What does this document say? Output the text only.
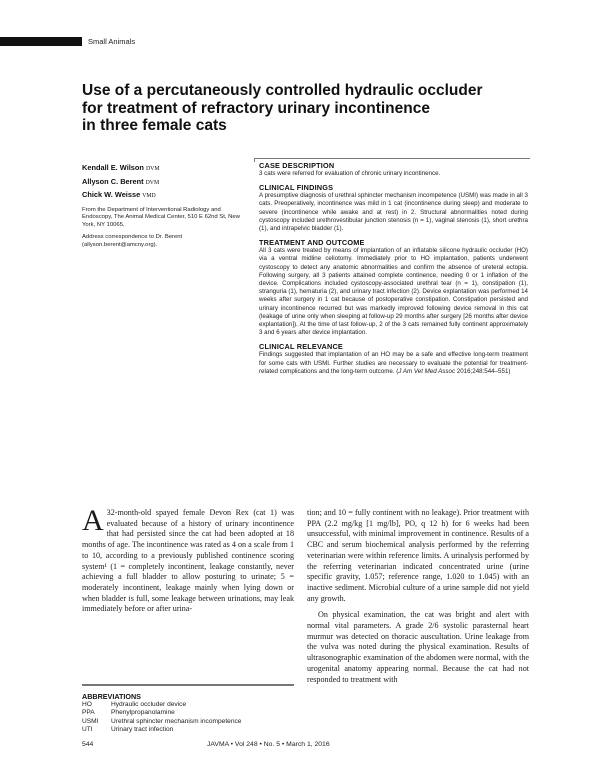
Small Animals
Use of a percutaneously controlled hydraulic occluder
for treatment of refractory urinary incontinence
in three female cats
Kendall E. Wilson DVM
Allyson C. Berent DVM
Chick W. Weisse VMD
From the Department of Interventional Radiology and Endoscopy, The Animal Medical Center, 510 E 62nd St, New York, NY 10065.
Address correspondence to Dr. Berent (allyson.berent@amcny.org).
CASE DESCRIPTION
3 cats were referred for evaluation of chronic urinary incontinence.
CLINICAL FINDINGS
A presumptive diagnosis of urethral sphincter mechanism incompetence (USMI) was made in all 3 cats. Preoperatively, incontinence was mild in 1 cat (incontinence during sleep) and moderate to severe (incontinence while awake and at rest) in 2. Structural abnormalities noted during cystoscopy included urethrovestibular junction stenosis (n = 1), vaginal stenosis (1), short urethra (1), and intrapelvic bladder (1).
TREATMENT AND OUTCOME
All 3 cats were treated by means of implantation of an inflatable silicone hydraulic occluder (HO) via a ventral midline celiotomy. Immediately prior to HO implantation, patients underwent cystoscopy to detect any anatomic abnormalities and confirm the absence of ureteral ectopia. Following surgery, all 3 patients attained complete continence, needing 0 or 1 inflation of the device. Complications included cystoscopy-associated urethral tear (n = 1), constipation (1), stranguria (1), hematuria (2), and urinary tract infection (2). Device explantation was performed 14 weeks after surgery in 1 cat because of postoperative constipation. Constipation persisted and urinary incontinence recurred but was markedly improved following device removal in this cat (leakage of urine only when sleeping at follow-up 29 months after surgery [26 months after device explantation]). At the time of last follow-up, 2 of the 3 cats remained fully continent approximately 3 and 6 years after device implantation.
CLINICAL RELEVANCE
Findings suggested that implantation of an HO may be a safe and effective long-term treatment for some cats with USMI. Further studies are necessary to evaluate the potential for treatment-related complications and the long-term outcome. (J Am Vet Med Assoc 2016;248:544–551)
A 32-month-old spayed female Devon Rex (cat 1) was evaluated because of a history of urinary incontinence that had persisted since the cat had been adopted at 18 months of age. The incontinence was rated as 4 on a scale from 1 to 10, according to a previously published continence scoring system¹ (1 = completely incontinent, leakage constantly, never achieving a full bladder to allow posturing to urinate; 5 = moderately incontinent, leakage mainly when lying down or when bladder is full, some leakage between urinations, may leak immediately before or after urina-

tion; and 10 = fully continent with no leakage). Prior treatment with PPA (2.2 mg/kg [1 mg/lb], PO, q 12 h) for 6 weeks had been unsuccessful, with minimal improvement in continence. Results of a CBC and serum biochemical analysis performed by the referring veterinarian were within reference limits. A urinalysis performed by the referring veterinarian indicated concentrated urine (urine specific gravity, 1.057; reference range, 1.020 to 1.045) with an inactive sediment. Microbial culture of a urine sample did not yield any growth.

On physical examination, the cat was bright and alert with normal vital parameters. A grade 2/6 systolic parasternal heart murmur was detected on thoracic auscultation. Urine leakage from the vulva was noted during the physical examination. Results of ultrasonographic examination of the abdomen were normal, with the urogenital anatomy appearing normal. Because the cat had not responded to treatment with

ABBREVIATIONS
HO	Hydraulic occluder device
PPA	Phenylpropanolamine
USMI	Urethral sphincter mechanism incompetence
UTI	Urinary tract infection
544	JAVMA • Vol 248 • No. 5 • March 1, 2016
